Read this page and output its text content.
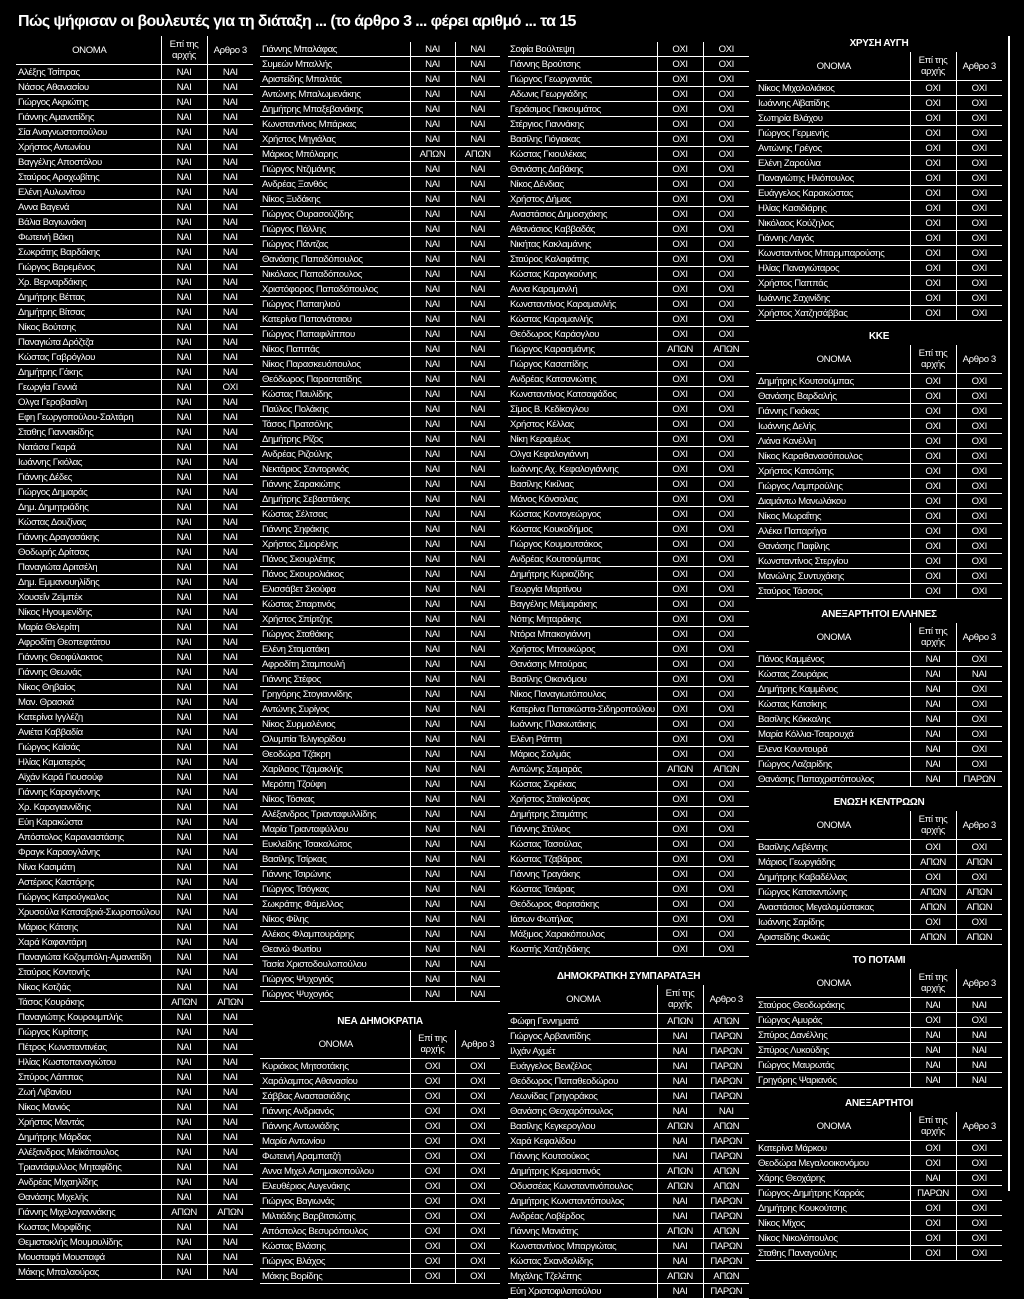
Πώς ψήφισαν οι βουλευτές για τη διάταξη ... (το άρθρο 3 ... φέρει αριθμό ... τα 15
ΟΝΟΜΑ	Επί της
αρχής	Αρθρο 3
Αλέξης Τσίπρας	ΝΑΙ	ΝΑΙ
Νάσος Αθανασίου	ΝΑΙ	ΝΑΙ
Γιώργος Ακριώτης	ΝΑΙ	ΝΑΙ
Γιάννης Αμανατίδης	ΝΑΙ	ΝΑΙ
Σία Αναγνωστοπούλου	ΝΑΙ	ΝΑΙ
Χρήστος Αντωνίου	ΝΑΙ	ΝΑΙ
Βαγγέλης Αποστόλου	ΝΑΙ	ΝΑΙ
Σταύρος Αραχωβίτης	ΝΑΙ	ΝΑΙ
Ελένη Αυλωνίτου	ΝΑΙ	ΝΑΙ
Αννα Βαγενά	ΝΑΙ	ΝΑΙ
Βάλια Βαγιωνάκη	ΝΑΙ	ΝΑΙ
Φωτεινή Βάκη	ΝΑΙ	ΝΑΙ
Σωκράτης Βαρδάκης	ΝΑΙ	ΝΑΙ
Γιώργος Βαρεμένος	ΝΑΙ	ΝΑΙ
Χρ. Βερναρδάκης	ΝΑΙ	ΝΑΙ
Δημήτρης Βέττας	ΝΑΙ	ΝΑΙ
Δημήτρης Βίτσας	ΝΑΙ	ΝΑΙ
Νίκος Βούτσης	ΝΑΙ	ΝΑΙ
Παναγιώτα Δρόζτζα	ΝΑΙ	ΝΑΙ
Κώστας Γαβρόγλου	ΝΑΙ	ΝΑΙ
Δημήτρης Γάκης	ΝΑΙ	ΝΑΙ
Γεωργία Γεννιά	ΝΑΙ	ΟΧΙ
Ολγα Γεροβασίλη	ΝΑΙ	ΝΑΙ
Εφη Γεωργοπούλου-Σαλτάρη	ΝΑΙ	ΝΑΙ
Σταθης Γιαννακίδης	ΝΑΙ	ΝΑΙ
Νατάσα Γκαρά	ΝΑΙ	ΝΑΙ
Ιωάννης Γκιόλας	ΝΑΙ	ΝΑΙ
Γιάννης Δέδες	ΝΑΙ	ΝΑΙ
Γιώργος Δημαράς	ΝΑΙ	ΝΑΙ
Δημ. Δημητριάδης	ΝΑΙ	ΝΑΙ
Κώστας Δουζίνας	ΝΑΙ	ΝΑΙ
Γιάννης Δραγασάκης	ΝΑΙ	ΝΑΙ
Θοδωρής Δρίτσας	ΝΑΙ	ΝΑΙ
Παναγιώτα Δριτσέλη	ΝΑΙ	ΝΑΙ
Δημ. Εμμανουηλίδης	ΝΑΙ	ΝΑΙ
Χουσεΐν Ζεϊμπέκ	ΝΑΙ	ΝΑΙ
Νίκος Ηγουμενίδης	ΝΑΙ	ΝΑΙ
Μαρία Θελερίτη	ΝΑΙ	ΝΑΙ
Αφροδίτη Θεοπεφτάτου	ΝΑΙ	ΝΑΙ
Γιάννης Θεοφύλακτος	ΝΑΙ	ΝΑΙ
Γιάννης Θεωνάς	ΝΑΙ	ΝΑΙ
Νίκος Θηβαίος	ΝΑΙ	ΝΑΙ
Μαν. Θρασκιά	ΝΑΙ	ΝΑΙ
Κατερίνα Ιγγλέζη	ΝΑΙ	ΝΑΙ
Ανιέτα Καββαδία	ΝΑΙ	ΝΑΙ
Γιώργος Καϊσάς	ΝΑΙ	ΝΑΙ
Ηλίας Καματερός	ΝΑΙ	ΝΑΙ
Αϊχάν Καρά Γιουσούφ	ΝΑΙ	ΝΑΙ
Γιάννης Καραγιάννης	ΝΑΙ	ΝΑΙ
Χρ. Καραγιαννίδης	ΝΑΙ	ΝΑΙ
Εύη Καρακώστα	ΝΑΙ	ΝΑΙ
Απόστολος Καραναστάσης	ΝΑΙ	ΝΑΙ
Φραγκ Καραογλάνης	ΝΑΙ	ΝΑΙ
Νίνα Κασιμάτη	ΝΑΙ	ΝΑΙ
Αστέριος Καστόρης	ΝΑΙ	ΝΑΙ
Γιώργος Κατρούγκαλος	ΝΑΙ	ΝΑΙ
Χρυσούλα Κατσαβριά-Σιωροπούλου	ΝΑΙ	ΝΑΙ
Μάριος Κάτσης	ΝΑΙ	ΝΑΙ
Χαρά Καφαντάρη	ΝΑΙ	ΝΑΙ
Παναγιώτα Κοζομπόλη-Αμανατίδη	ΝΑΙ	ΝΑΙ
Σταύρος Κοντονής	ΝΑΙ	ΝΑΙ
Νίκος Κοτζιάς	ΝΑΙ	ΝΑΙ
Τάσος Κουράκης	ΑΠΩΝ	ΑΠΩΝ
Παναγιώτης Κουρουμπλής	ΝΑΙ	ΝΑΙ
Γιώργος Κυρίτσης	ΝΑΙ	ΝΑΙ
Πέτρος Κωνσταντινέας	ΝΑΙ	ΝΑΙ
Ηλίας Κωστοπαναγιώτου	ΝΑΙ	ΝΑΙ
Σπύρος Λάππας	ΝΑΙ	ΝΑΙ
Ζωή Λιβανίου	ΝΑΙ	ΝΑΙ
Νίκος Μανιός	ΝΑΙ	ΝΑΙ
Χρήστος Μαντάς	ΝΑΙ	ΝΑΙ
Δημήτρης Μάρδας	ΝΑΙ	ΝΑΙ
Αλέξανδρος Μεϊκόπουλος	ΝΑΙ	ΝΑΙ
Τριαντάφυλλος Μηταφίδης	ΝΑΙ	ΝΑΙ
Ανδρέας Μιχαηλίδης	ΝΑΙ	ΝΑΙ
Θανάσης Μιχελής	ΝΑΙ	ΝΑΙ
Γιάννης Μιχελογιαννάκης	ΑΠΩΝ	ΑΠΩΝ
Κωστας Μορφίδης	ΝΑΙ	ΝΑΙ
Θεμιστοκλής Μουμουλίδης	ΝΑΙ	ΝΑΙ
Μουσταφά Μουσταφά	ΝΑΙ	ΝΑΙ
Μάκης Μπαλαούρας	ΝΑΙ	ΝΑΙ
Γιάννης Μπαλάφας	ΝΑΙ	ΝΑΙ
Συμεών Μπαλλής	ΝΑΙ	ΝΑΙ
Αριστείδης Μπαλτάς	ΝΑΙ	ΝΑΙ
Αντώνης Μπαλωμενάκης	ΝΑΙ	ΝΑΙ
Δημήτρης Μπαξεβανάκης	ΝΑΙ	ΝΑΙ
Κωνσταντίνος Μπάρκας	ΝΑΙ	ΝΑΙ
Χρήστος Μηγιάλας	ΝΑΙ	ΝΑΙ
Μάρκος Μπόλαρης	ΑΠΩΝ	ΑΠΩΝ
Γιώργος Ντζιμάνης	ΝΑΙ	ΝΑΙ
Ανδρέας Ξανθός	ΝΑΙ	ΝΑΙ
Νίκος Ξυδάκης	ΝΑΙ	ΝΑΙ
Γιώργος Ουρασούζίδης	ΝΑΙ	ΝΑΙ
Γιώργος Πάλλης	ΝΑΙ	ΝΑΙ
Γιώργος Πάντζας	ΝΑΙ	ΝΑΙ
Θανάσης Παπαδόπουλος	ΝΑΙ	ΝΑΙ
Νικόλαος Παπαδόπουλος	ΝΑΙ	ΝΑΙ
Χριστόφορος Παπαδόπουλος	ΝΑΙ	ΝΑΙ
Γιώργος Παπαηλιού	ΝΑΙ	ΝΑΙ
Κατερίνα Παπανάτσιου	ΝΑΙ	ΝΑΙ
Γιώργος Παπαφιλίππου	ΝΑΙ	ΝΑΙ
Νίκος Παππάς	ΝΑΙ	ΝΑΙ
Νίκος Παρασκευόπουλος	ΝΑΙ	ΝΑΙ
Θεόδωρος Παραστατίδης	ΝΑΙ	ΝΑΙ
Κώστας Παυλίδης	ΝΑΙ	ΝΑΙ
Παύλος Πολάκης	ΝΑΙ	ΝΑΙ
Τάσος Πρατσόλης	ΝΑΙ	ΝΑΙ
Δημήτρης Ρίζος	ΝΑΙ	ΝΑΙ
Ανδρέας Ριζούλης	ΝΑΙ	ΝΑΙ
Νεκτάριος Σαντορινιός	ΝΑΙ	ΝΑΙ
Γιάννης Σαρακιώτης	ΝΑΙ	ΝΑΙ
Δημήτρης Σεβαστάκης	ΝΑΙ	ΝΑΙ
Κώστας Σέλτσας	ΝΑΙ	ΝΑΙ
Γιάννης Σηφάκης	ΝΑΙ	ΝΑΙ
Χρήστος Σιμορέλης	ΝΑΙ	ΝΑΙ
Πάνος Σκουρλέτης	ΝΑΙ	ΝΑΙ
Πάνος Σκουρολιάκος	ΝΑΙ	ΝΑΙ
Ελισσάβετ Σκούφα	ΝΑΙ	ΝΑΙ
Κώστας Σπαρτινός	ΝΑΙ	ΝΑΙ
Χρήστος Σπίρτζης	ΝΑΙ	ΝΑΙ
Γιώργος Σταθάκης	ΝΑΙ	ΝΑΙ
Ελένη Σταματάκη	ΝΑΙ	ΝΑΙ
Αφροδίτη Σταμπουλή	ΝΑΙ	ΝΑΙ
Γιάννης Στέφος	ΝΑΙ	ΝΑΙ
Γρηγόρης Στογιαννίδης	ΝΑΙ	ΝΑΙ
Αντώνης Συρίγος	ΝΑΙ	ΝΑΙ
Νίκος Συρμαλένιος	ΝΑΙ	ΝΑΙ
Ολυμπία Τελιγιορίδου	ΝΑΙ	ΝΑΙ
Θεοδώρα Τζάκρη	ΝΑΙ	ΝΑΙ
Χαρίλαος Τζαμακλής	ΝΑΙ	ΝΑΙ
Μερόπη Τζούφη	ΝΑΙ	ΝΑΙ
Νίκος Τόσκας	ΝΑΙ	ΝΑΙ
Αλέξανδρος Τριανταφυλλίδης	ΝΑΙ	ΝΑΙ
Μαρία Τριανταφύλλου	ΝΑΙ	ΝΑΙ
Ευκλείδης Τσακαλώτος	ΝΑΙ	ΝΑΙ
Βασίλης Τσίρκας	ΝΑΙ	ΝΑΙ
Γιάννης Τσιρώνης	ΝΑΙ	ΝΑΙ
Γιώργος Τσόγκας	ΝΑΙ	ΝΑΙ
Σωκράτης Φάμελλος	ΝΑΙ	ΝΑΙ
Νίκος Φίλης	ΝΑΙ	ΝΑΙ
Αλέκος Φλαμπουράρης	ΝΑΙ	ΝΑΙ
Θεανώ Φωτίου	ΝΑΙ	ΝΑΙ
Τασία Χριστοδουλοπούλου	ΝΑΙ	ΝΑΙ
Γιώργος Ψυχογιός	ΝΑΙ	ΝΑΙ
Γιώργος Ψυχογιός	ΝΑΙ	ΝΑΙ
ΝΕΑ ΔΗΜΟΚΡΑΤΙΑ
ΟΝΟΜΑ	Επί της
αρχής	Αρθρο 3
Κυριάκος Μητσοτάκης	ΟΧΙ	ΟΧΙ
Χαράλαμπος Αθανασίου	ΟΧΙ	ΟΧΙ
Σάββας Αναστασιάδης	ΟΧΙ	ΟΧΙ
Γιάννης Ανδριανός	ΟΧΙ	ΟΧΙ
Γιάννης Αντωνιάδης	ΟΧΙ	ΟΧΙ
Μαρία Αντωνίου	ΟΧΙ	ΟΧΙ
Φωτεινή Αραμπατζή	ΟΧΙ	ΟΧΙ
Αννα Μιχελ Ασημακοπούλου	ΟΧΙ	ΟΧΙ
Ελευθέριος Αυγενάκης	ΟΧΙ	ΟΧΙ
Γιώργος Βαγιωνάς	ΟΧΙ	ΟΧΙ
Μιλτιάδης Βαρβιτσιώτης	ΟΧΙ	ΟΧΙ
Απόστολος Βεσυρόπουλος	ΟΧΙ	ΟΧΙ
Κώστας Βλάσης	ΟΧΙ	ΟΧΙ
Γιώργος Βλάχος	ΟΧΙ	ΟΧΙ
Μάκης Βορίδης	ΟΧΙ	ΟΧΙ
Σοφία Βούλτεψη	ΟΧΙ	ΟΧΙ
Γιάννης Βρούτσης	ΟΧΙ	ΟΧΙ
Γιώργος Γεωργαντάς	ΟΧΙ	ΟΧΙ
Αδωνις Γεωργιάδης	ΟΧΙ	ΟΧΙ
Γεράσιμος Γιακουμάτος	ΟΧΙ	ΟΧΙ
Στέργιος Γιαννάκης	ΟΧΙ	ΟΧΙ
Βασίλης Γιόγιακας	ΟΧΙ	ΟΧΙ
Κώστας Γκιουλέκας	ΟΧΙ	ΟΧΙ
Θανάσης Δαβάκης	ΟΧΙ	ΟΧΙ
Νίκος Δένδιας	ΟΧΙ	ΟΧΙ
Χρήστος Δήμας	ΟΧΙ	ΟΧΙ
Αναστάσιος Δημοσχάκης	ΟΧΙ	ΟΧΙ
Αθανάσιος Καββαδάς	ΟΧΙ	ΟΧΙ
Νικήτας Κακλαμάνης	ΟΧΙ	ΟΧΙ
Σταύρος Καλαφάτης	ΟΧΙ	ΟΧΙ
Κώστας Καραγκούνης	ΟΧΙ	ΟΧΙ
Αννα Καραμανλή	ΟΧΙ	ΟΧΙ
Κωνσταντίνος Καραμανλής	ΟΧΙ	ΟΧΙ
Κώστας Καραμανλής	ΟΧΙ	ΟΧΙ
Θεόδωρος Καράογλου	ΟΧΙ	ΟΧΙ
Γιώργος Καρασμάνης	ΑΠΩΝ	ΑΠΩΝ
Γιώργος Κασαπίδης	ΟΧΙ	ΟΧΙ
Ανδρέας Κατσανιώτης	ΟΧΙ	ΟΧΙ
Κωνσταντίνος Κατσαφάδος	ΟΧΙ	ΟΧΙ
Σίμος Β. Κεδίκογλου	ΟΧΙ	ΟΧΙ
Χρήστος Κέλλας	ΟΧΙ	ΟΧΙ
Νίκη Κεραμέως	ΟΧΙ	ΟΧΙ
Ολγα Κεφαλογιάννη	ΟΧΙ	ΟΧΙ
Ιωάννης Αχ. Κεφαλογιάννης	ΟΧΙ	ΟΧΙ
Βασίλης Κικίλιας	ΟΧΙ	ΟΧΙ
Μάνος Κόνσολας	ΟΧΙ	ΟΧΙ
Κώστας Κοντογεώργος	ΟΧΙ	ΟΧΙ
Κώστας Κουκοδήμος	ΟΧΙ	ΟΧΙ
Γιώργος Κουμουτσάκος	ΟΧΙ	ΟΧΙ
Ανδρέας Κουτσούμπας	ΟΧΙ	ΟΧΙ
Δημήτρης Κυριαζίδης	ΟΧΙ	ΟΧΙ
Γεωργία Μαρτίνου	ΟΧΙ	ΟΧΙ
Βαγγέλης Μεϊμαράκης	ΟΧΙ	ΟΧΙ
Νότης Μηταράκης	ΟΧΙ	ΟΧΙ
Ντόρα Μπακογιάννη	ΟΧΙ	ΟΧΙ
Χρήστος Μπουκώρος	ΟΧΙ	ΟΧΙ
Θανάσης Μπούρας	ΟΧΙ	ΟΧΙ
Βασίλης Οικονόμου	ΟΧΙ	ΟΧΙ
Νίκος Παναγιωτόπουλος	ΟΧΙ	ΟΧΙ
Κατερίνα Παπακώστα-Σιδηροπούλου	ΟΧΙ	ΟΧΙ
Ιωάννης Πλακιωτάκης	ΟΧΙ	ΟΧΙ
Ελένη Ράπτη	ΟΧΙ	ΟΧΙ
Μάριος Σαλμάς	ΟΧΙ	ΟΧΙ
Αντώνης Σαμαράς	ΑΠΩΝ	ΑΠΩΝ
Κώστας Σκρέκας	ΟΧΙ	ΟΧΙ
Χρήστος Σταϊκούρας	ΟΧΙ	ΟΧΙ
Δημήτρης Σταμάτης	ΟΧΙ	ΟΧΙ
Γιάννης Στύλιος	ΟΧΙ	ΟΧΙ
Κώστας Τασούλας	ΟΧΙ	ΟΧΙ
Κώστας Τζαβάρας	ΟΧΙ	ΟΧΙ
Γιάννης Τραγάκης	ΟΧΙ	ΟΧΙ
Κώστας Τσιάρας	ΟΧΙ	ΟΧΙ
Θεόδωρος Φορτσάκης	ΟΧΙ	ΟΧΙ
Ιάσων Φωτήλας	ΟΧΙ	ΟΧΙ
Μάξιμος Χαρακόπουλος	ΟΧΙ	ΟΧΙ
Κωστής Χατζηδάκης	ΟΧΙ	ΟΧΙ
ΔΗΜΟΚΡΑΤΙΚΗ ΣΥΜΠΑΡΑΤΑΞΗ
ΟΝΟΜΑ	Επί της
αρχής	Αρθρο 3
Φώφη Γεννηματά	ΑΠΩΝ	ΑΠΩΝ
Γιώργος Αρβανιτίδης	ΝΑΙ	ΠΑΡΩΝ
Ιλχάν Αχμέτ	ΝΑΙ	ΠΑΡΩΝ
Ευάγγελος Βενιζέλος	ΝΑΙ	ΠΑΡΩΝ
Θεόδωρος Παπαθεοδώρου	ΝΑΙ	ΠΑΡΩΝ
Λεωνίδας Γρηγοράκος	ΝΑΙ	ΠΑΡΩΝ
Θανάσης Θεοχαρόπουλος	ΝΑΙ	ΝΑΙ
Βασίλης Κεγκερογλου	ΑΠΩΝ	ΑΠΩΝ
Χαρά Κεφαλίδου	ΝΑΙ	ΠΑΡΩΝ
Γιάννης Κουτσούκος	ΝΑΙ	ΠΑΡΩΝ
Δημήτρης Κρεμαστινός	ΑΠΩΝ	ΑΠΩΝ
Οδυσσέας Κωνσταντινόπουλος	ΑΠΩΝ	ΑΠΩΝ
Δημήτρης Κωνσταντόπουλος	ΝΑΙ	ΠΑΡΩΝ
Ανδρέας Λοβέρδος	ΝΑΙ	ΠΑΡΩΝ
Γιάννης Μανιάτης	ΑΠΩΝ	ΑΠΩΝ
Κωνσταντίνος Μπαργιώτας	ΝΑΙ	ΠΑΡΩΝ
Κώστας Σκανδαλίδης	ΝΑΙ	ΠΑΡΩΝ
Μιχάλης Τζελέπης	ΑΠΩΝ	ΑΠΩΝ
Εύη Χριστοφιλοπούλου	ΝΑΙ	ΠΑΡΩΝ
ΧΡΥΣΗ ΑΥΓΗ
ΟΝΟΜΑ	Επί της
αρχής	Αρθρο 3
Νίκος Μιχαλολιάκος	ΟΧΙ	ΟΧΙ
Ιωάννης Αϊβατίδης	ΟΧΙ	ΟΧΙ
Σωτηρία Βλάχου	ΟΧΙ	ΟΧΙ
Γιώργος Γερμενής	ΟΧΙ	ΟΧΙ
Αντώνης Γρέγος	ΟΧΙ	ΟΧΙ
Ελένη Ζαρούλια	ΟΧΙ	ΟΧΙ
Παναγιώτης Ηλιόπουλος	ΟΧΙ	ΟΧΙ
Ευάγγελος Καρακώστας	ΟΧΙ	ΟΧΙ
Ηλίας Κασιδιάρης	ΟΧΙ	ΟΧΙ
Νικόλαος Κούζηλος	ΟΧΙ	ΟΧΙ
Γιάννης Λαγός	ΟΧΙ	ΟΧΙ
Κωνσταντίνος Μπαρμπαρούσης	ΟΧΙ	ΟΧΙ
Ηλίας Παναγιώταρος	ΟΧΙ	ΟΧΙ
Χρήστος Παππάς	ΟΧΙ	ΟΧΙ
Ιωάννης Σαχινίδης	ΟΧΙ	ΟΧΙ
Χρήστος Χατζησάββας	ΟΧΙ	ΟΧΙ
ΚΚΕ
ΟΝΟΜΑ	Επί της
αρχής	Αρθρο 3
Δημήτρης Κουτσούμπας	ΟΧΙ	ΟΧΙ
Θανάσης Βαρδαλής	ΟΧΙ	ΟΧΙ
Γιάννης Γκιόκας	ΟΧΙ	ΟΧΙ
Ιωάννης Δελής	ΟΧΙ	ΟΧΙ
Λιάνα Κανέλλη	ΟΧΙ	ΟΧΙ
Νίκος Καραθανασόπουλος	ΟΧΙ	ΟΧΙ
Χρήστος Κατσώτης	ΟΧΙ	ΟΧΙ
Γιώργος Λαμπρούλης	ΟΧΙ	ΟΧΙ
Διαμάντω Μανωλάκου	ΟΧΙ	ΟΧΙ
Νίκος Μωραΐτης	ΟΧΙ	ΟΧΙ
Αλέκα Παπαρήγα	ΟΧΙ	ΟΧΙ
Θανάσης Παφίλης	ΟΧΙ	ΟΧΙ
Κωνσταντίνος Στεργίου	ΟΧΙ	ΟΧΙ
Μανώλης Συντυχάκης	ΟΧΙ	ΟΧΙ
Σταύρος Τάσσος	ΟΧΙ	ΟΧΙ
ΑΝΕΞΑΡΤΗΤΟΙ ΕΛΛΗΝΕΣ
ΟΝΟΜΑ	Επί της
αρχής	Αρθρο 3
Πάνος Καμμένος	ΝΑΙ	ΟΧΙ
Κώστας Ζουράρις	ΝΑΙ	ΝΑΙ
Δημήτρης Καμμένος	ΝΑΙ	ΟΧΙ
Κώστας Κατσίκης	ΝΑΙ	ΟΧΙ
Βασίλης Κόκκαλης	ΝΑΙ	ΟΧΙ
Μαρία Κόλλια-Τσαρουχά	ΝΑΙ	ΟΧΙ
Ελενα Κουντουρά	ΝΑΙ	ΟΧΙ
Γιώργος Λαζαρίδης	ΝΑΙ	ΟΧΙ
Θανάσης Παπαχριστόπουλος	ΝΑΙ	ΠΑΡΩΝ
ΕΝΩΣΗ ΚΕΝΤΡΩΩΝ
ΟΝΟΜΑ	Επί της
αρχής	Αρθρο 3
Βασίλης Λεβέντης	ΟΧΙ	ΟΧΙ
Μάριος Γεωργιάδης	ΑΠΩΝ	ΑΠΩΝ
Δημήτρης Καβαδέλλας	ΟΧΙ	ΟΧΙ
Γιώργος Κατσιαντώνης	ΑΠΩΝ	ΑΠΩΝ
Αναστάσιος Μεγαλομύστακας	ΑΠΩΝ	ΑΠΩΝ
Ιωάννης Σαρίδης	ΟΧΙ	ΟΧΙ
Αριστείδης Φωκάς	ΑΠΩΝ	ΑΠΩΝ
ΤΟ ΠΟΤΑΜΙ
ΟΝΟΜΑ	Επί της
αρχής	Αρθρο 3
Σταύρος Θεοδωράκης	ΝΑΙ	ΝΑΙ
Γιώργος Αμυράς	ΟΧΙ	ΟΧΙ
Σπύρος Δανέλλης	ΝΑΙ	ΝΑΙ
Σπύρος Λυκούδης	ΝΑΙ	ΝΑΙ
Γιώργος Μαυρωτάς	ΝΑΙ	ΝΑΙ
Γρηγόρης Ψαριανός	ΝΑΙ	ΝΑΙ
ΑΝΕΞΑΡΤΗΤΟΙ
ΟΝΟΜΑ	Επί της
αρχής	Αρθρο 3
Κατερίνα Μάρκου	ΟΧΙ	ΟΧΙ
Θεοδώρα Μεγαλοοικονόμου	ΟΧΙ	ΟΧΙ
Χάρης Θεοχάρης	ΝΑΙ	ΟΧΙ
Γιώργος-Δημήτρης Καρράς	ΠΑΡΩΝ	ΟΧΙ
Δημήτρης Κουκούτσης	ΟΧΙ	ΟΧΙ
Νίκος Μίχος	ΟΧΙ	ΟΧΙ
Νίκος Νικολόπουλος	ΟΧΙ	ΟΧΙ
Σταθης Παναγούλης	ΟΧΙ	ΟΧΙ
